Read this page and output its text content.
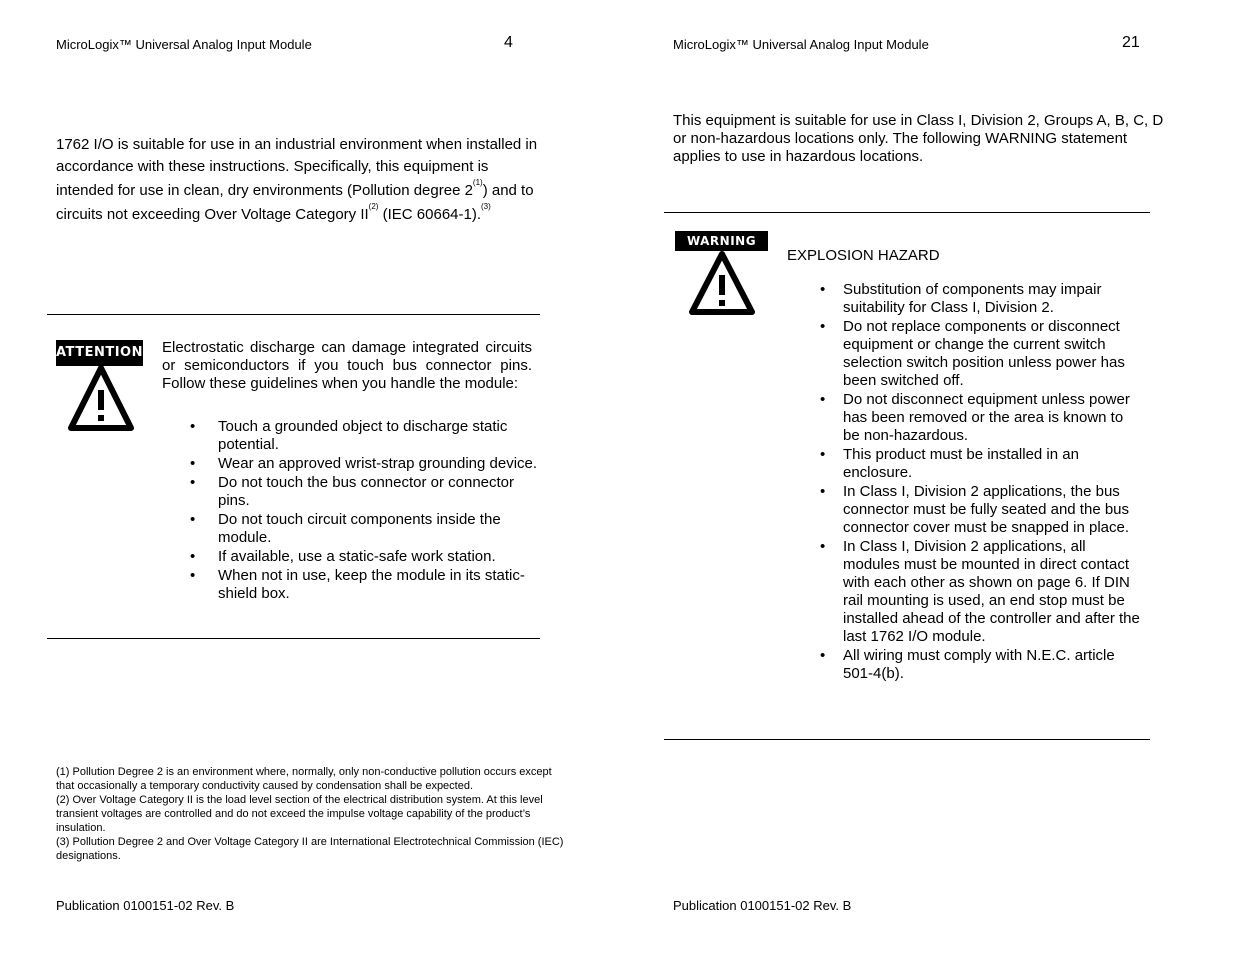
MicroLogix™ Universal Analog Input Module	4
1762 I/O is suitable for use in an industrial environment when installed in
accordance with these instructions. Specifically, this equipment is
intended for use in clean, dry environments (Pollution degree 2$^{(1)}$) and to
circuits not exceeding Over Voltage Category II$^{(2)}$ (IEC 60664-1).$^{(3)}$
ATTENTION Electrostatic discharge can damage integrated circuits or semiconductors if you touch bus connector pins. Follow these guidelines when you handle the module:
• Touch a grounded object to discharge static potential.
• Wear an approved wrist-strap grounding device.
• Do not touch the bus connector or connector pins.
• Do not touch circuit components inside the module.
• If available, use a static-safe work station.
• When not in use, keep the module in its static-shield box.
(1) Pollution Degree 2 is an environment where, normally, only non-conductive pollution occurs except that occasionally a temporary conductivity caused by condensation shall be expected.
(2) Over Voltage Category II is the load level section of the electrical distribution system. At this level transient voltages are controlled and do not exceed the impulse voltage capability of the product’s insulation.
(3) Pollution Degree 2 and Over Voltage Category II are International Electrotechnical Commission (IEC) designations.
Publication 0100151-02 Rev. B
MicroLogix™ Universal Analog Input Module	21
This equipment is suitable for use in Class I, Division 2, Groups A, B, C, D or non-hazardous locations only. The following WARNING statement applies to use in hazardous locations.
WARNING
EXPLOSION HAZARD
• Substitution of components may impair suitability for Class I, Division 2.
• Do not replace components or disconnect equipment or change the current switch selection switch position unless power has been switched off.
• Do not disconnect equipment unless power has been removed or the area is known to be non-hazardous.
• This product must be installed in an enclosure.
• In Class I, Division 2 applications, the bus connector must be fully seated and the bus connector cover must be snapped in place.
• In Class I, Division 2 applications, all modules must be mounted in direct contact with each other as shown on page 6. If DIN rail mounting is used, an end stop must be installed ahead of the controller and after the last 1762 I/O module.
• All wiring must comply with N.E.C. article 501-4(b).
Publication 0100151-02 Rev. B
